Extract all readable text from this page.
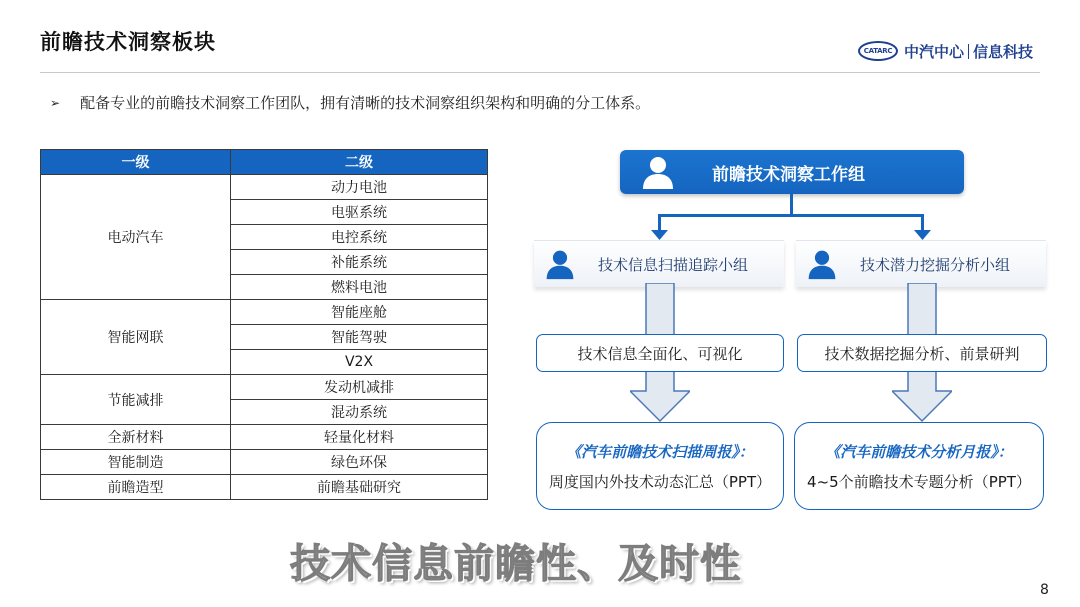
前瞻技术洞察板块	CATARC 中汽中心 信息科技
➢ 配备专业的前瞻技术洞察工作团队，拥有清晰的技术洞察组织架构和明确的分工体系。
一级	二级
电动汽车	动力电池
	电驱系统
	电控系统
	补能系统
	燃料电池
智能网联	智能座舱
	智能驾驶
	V2X
节能减排	发动机减排
	混动系统
全新材料	轻量化材料
智能制造	绿色环保
前瞻造型	前瞻基础研究
前瞻技术洞察工作组
技术信息扫描追踪小组	技术潜力挖掘分析小组
技术信息全面化、可视化	技术数据挖掘分析、前景研判
《汽车前瞻技术扫描周报》：
周度国内外技术动态汇总（PPT）
《汽车前瞻技术分析月报》：
4~5个前瞻技术专题分析（PPT）
技术信息前瞻性、及时性
8
